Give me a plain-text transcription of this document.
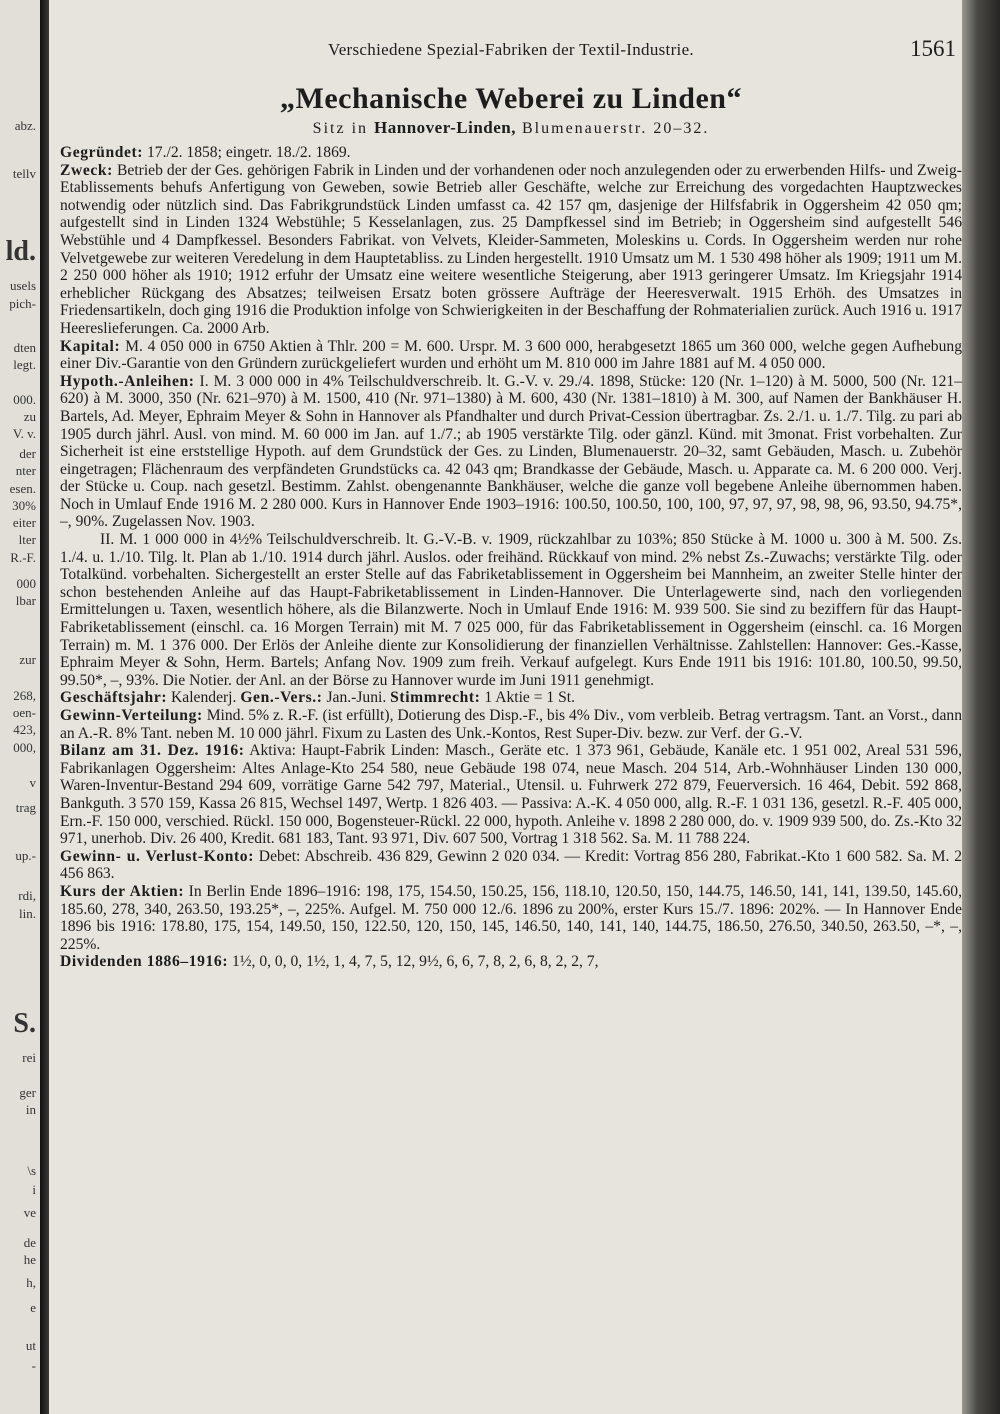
abz.
tellv
ld.
usels
pich-
dten
legt.
000.
zu
V. v.
der
nter
esen.
30%
eiter
lter
R.-F.
000
lbar
zur
268,
oen-
423,
000,
v
trag
up.-
rdi,
lin.
S.
rei
ger
in
\s
i
ve
de
he
h,
e
ut
-
Verschiedene Spezial-Fabriken der Textil-Industrie.	1561
„Mechanische Weberei zu Linden“
Sitz in Hannover-Linden, Blumenauerstr. 20–32.

Gegründet: 17./2. 1858; eingetr. 18./2. 1869.

Zweck: Betrieb der der Ges. gehörigen Fabrik in Linden und der vorhandenen oder noch anzulegenden oder zu erwerbenden Hilfs- und Zweig-Etablissements behufs Anfertigung von Geweben, sowie Betrieb aller Geschäfte, welche zur Erreichung des vorgedachten Hauptzweckes notwendig oder nützlich sind. Das Fabrikgrundstück Linden umfasst ca. 42 157 qm, dasjenige der Hilfsfabrik in Oggersheim 42 050 qm; aufgestellt sind in Linden 1324 Webstühle; 5 Kesselanlagen, zus. 25 Dampfkessel sind im Betrieb; in Oggersheim sind aufgestellt 546 Webstühle und 4 Dampfkessel. Besonders Fabrikat. von Velvets, Kleider-Sammeten, Moleskins u. Cords. In Oggersheim werden nur rohe Velvetgewebe zur weiteren Veredelung in dem Hauptetabliss. zu Linden hergestellt. 1910 Umsatz um M. 1 530 498 höher als 1909; 1911 um M. 2 250 000 höher als 1910; 1912 erfuhr der Umsatz eine weitere wesentliche Steigerung, aber 1913 geringerer Umsatz. Im Kriegsjahr 1914 erheblicher Rückgang des Absatzes; teilweisen Ersatz boten grössere Aufträge der Heeresverwalt. 1915 Erhöh. des Umsatzes in Friedensartikeln, doch ging 1916 die Produktion infolge von Schwierigkeiten in der Beschaffung der Rohmaterialien zurück. Auch 1916 u. 1917 Heereslieferungen. Ca. 2000 Arb.

Kapital: M. 4 050 000 in 6750 Aktien à Thlr. 200 = M. 600. Urspr. M. 3 600 000, herabgesetzt 1865 um 360 000, welche gegen Aufhebung einer Div.-Garantie von den Gründern zurückgeliefert wurden und erhöht um M. 810 000 im Jahre 1881 auf M. 4 050 000.

Hypoth.-Anleihen: I. M. 3 000 000 in 4% Teilschuldverschreib. lt. G.-V. v. 29./4. 1898, Stücke: 120 (Nr. 1–120) à M. 5000, 500 (Nr. 121–620) à M. 3000, 350 (Nr. 621–970) à M. 1500, 410 (Nr. 971–1380) à M. 600, 430 (Nr. 1381–1810) à M. 300, auf Namen der Bankhäuser H. Bartels, Ad. Meyer, Ephraim Meyer & Sohn in Hannover als Pfandhalter und durch Privat-Cession übertragbar. Zs. 2./1. u. 1./7. Tilg. zu pari ab 1905 durch jährl. Ausl. von mind. M. 60 000 im Jan. auf 1./7.; ab 1905 verstärkte Tilg. oder gänzl. Künd. mit 3monat. Frist vorbehalten. Zur Sicherheit ist eine erststellige Hypoth. auf dem Grundstück der Ges. zu Linden, Blumenauerstr. 20–32, samt Gebäuden, Masch. u. Zubehör eingetragen; Flächenraum des verpfändeten Grundstücks ca. 42 043 qm; Brandkasse der Gebäude, Masch. u. Apparate ca. M. 6 200 000. Verj. der Stücke u. Coup. nach gesetzl. Bestimm. Zahlst. obengenannte Bankhäuser, welche die ganze voll begebene Anleihe übernommen haben. Noch in Umlauf Ende 1916 M. 2 280 000. Kurs in Hannover Ende 1903–1916: 100.50, 100.50, 100, 100, 97, 97, 97, 98, 98, 96, 93.50, 94.75*, –, 90%. Zugelassen Nov. 1903.

II. M. 1 000 000 in 4½% Teilschuldverschreib. lt. G.-V.-B. v. 1909, rückzahlbar zu 103%; 850 Stücke à M. 1000 u. 300 à M. 500. Zs. 1./4. u. 1./10. Tilg. lt. Plan ab 1./10. 1914 durch jährl. Auslos. oder freihänd. Rückkauf von mind. 2% nebst Zs.-Zuwachs; verstärkte Tilg. oder Totalkünd. vorbehalten. Sichergestellt an erster Stelle auf das Fabriketablissement in Oggersheim bei Mannheim, an zweiter Stelle hinter der schon bestehenden Anleihe auf das Haupt-Fabriketablissement in Linden-Hannover. Die Unterlagewerte sind, nach den vorliegenden Ermittelungen u. Taxen, wesentlich höhere, als die Bilanzwerte. Noch in Umlauf Ende 1916: M. 939 500. Sie sind zu beziffern für das Haupt-Fabriketablissement (einschl. ca. 16 Morgen Terrain) mit M. 7 025 000, für das Fabriketablissement in Oggersheim (einschl. ca. 16 Morgen Terrain) m. M. 1 376 000. Der Erlös der Anleihe diente zur Konsolidierung der finanziellen Verhältnisse. Zahlstellen: Hannover: Ges.-Kasse, Ephraim Meyer & Sohn, Herm. Bartels; Anfang Nov. 1909 zum freih. Verkauf aufgelegt. Kurs Ende 1911 bis 1916: 101.80, 100.50, 99.50, 99.50*, –, 93%. Die Notier. der Anl. an der Börse zu Hannover wurde im Juni 1911 genehmigt.

Geschäftsjahr: Kalenderj. Gen.-Vers.: Jan.-Juni. Stimmrecht: 1 Aktie = 1 St.

Gewinn-Verteilung: Mind. 5% z. R.-F. (ist erfüllt), Dotierung des Disp.-F., bis 4% Div., vom verbleib. Betrag vertragsm. Tant. an Vorst., dann an A.-R. 8% Tant. neben M. 10 000 jährl. Fixum zu Lasten des Unk.-Kontos, Rest Super-Div. bezw. zur Verf. der G.-V.

Bilanz am 31. Dez. 1916: Aktiva: Haupt-Fabrik Linden: Masch., Geräte etc. 1 373 961, Gebäude, Kanäle etc. 1 951 002, Areal 531 596, Fabrikanlagen Oggersheim: Altes Anlage-Kto 254 580, neue Gebäude 198 074, neue Masch. 204 514, Arb.-Wohnhäuser Linden 130 000, Waren-Inventur-Bestand 294 609, vorrätige Garne 542 797, Material., Utensil. u. Fuhrwerk 272 879, Feuerversich. 16 464, Debit. 592 868, Bankguth. 3 570 159, Kassa 26 815, Wechsel 1497, Wertp. 1 826 403. — Passiva: A.-K. 4 050 000, allg. R.-F. 1 031 136, gesetzl. R.-F. 405 000, Ern.-F. 150 000, verschied. Rückl. 150 000, Bogensteuer-Rückl. 22 000, hypoth. Anleihe v. 1898 2 280 000, do. v. 1909 939 500, do. Zs.-Kto 32 971, unerhob. Div. 26 400, Kredit. 681 183, Tant. 93 971, Div. 607 500, Vortrag 1 318 562. Sa. M. 11 788 224.

Gewinn- u. Verlust-Konto: Debet: Abschreib. 436 829, Gewinn 2 020 034. — Kredit: Vortrag 856 280, Fabrikat.-Kto 1 600 582. Sa. M. 2 456 863.

Kurs der Aktien: In Berlin Ende 1896–1916: 198, 175, 154.50, 150.25, 156, 118.10, 120.50, 150, 144.75, 146.50, 141, 141, 139.50, 145.60, 185.60, 278, 340, 263.50, 193.25*, –, 225%. Aufgel. M. 750 000 12./6. 1896 zu 200%, erster Kurs 15./7. 1896: 202%. — In Hannover Ende 1896 bis 1916: 178.80, 175, 154, 149.50, 150, 122.50, 120, 150, 145, 146.50, 140, 141, 140, 144.75, 186.50, 276.50, 340.50, 263.50, –*, –, 225%.

Dividenden 1886–1916: 1½, 0, 0, 0, 1½, 1, 4, 7, 5, 12, 9½, 6, 6, 7, 8, 2, 6, 8, 2, 2, 7,
